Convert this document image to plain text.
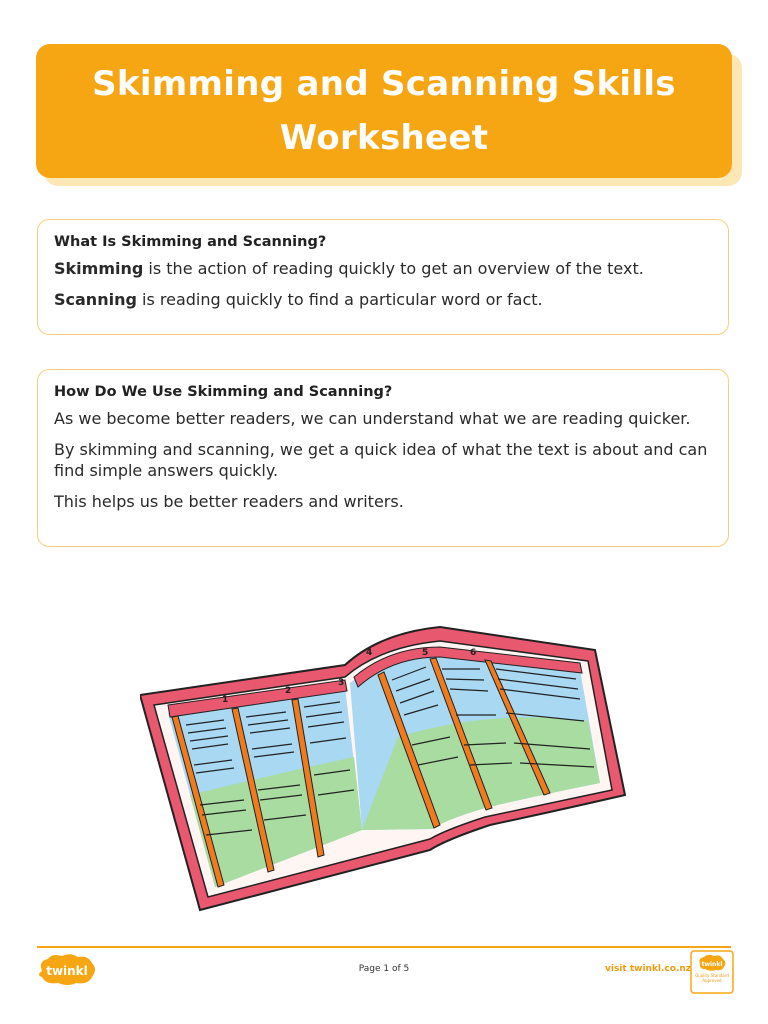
Skimming and Scanning Skills
Worksheet
What Is Skimming and Scanning?

Skimming is the action of reading quickly to get an overview of the text.

Scanning is reading quickly to find a particular word or fact.

How Do We Use Skimming and Scanning?

As we become better readers, we can understand what we are reading quicker.

By skimming and scanning, we get a quick idea of what the text is about and can find simple answers quickly.

This helps us be better readers and writers.

1
2
3
4	5	6
twinkl	Page 1 of 5	visit twinkl.co.nz twinkl
Quality Standard Approved
